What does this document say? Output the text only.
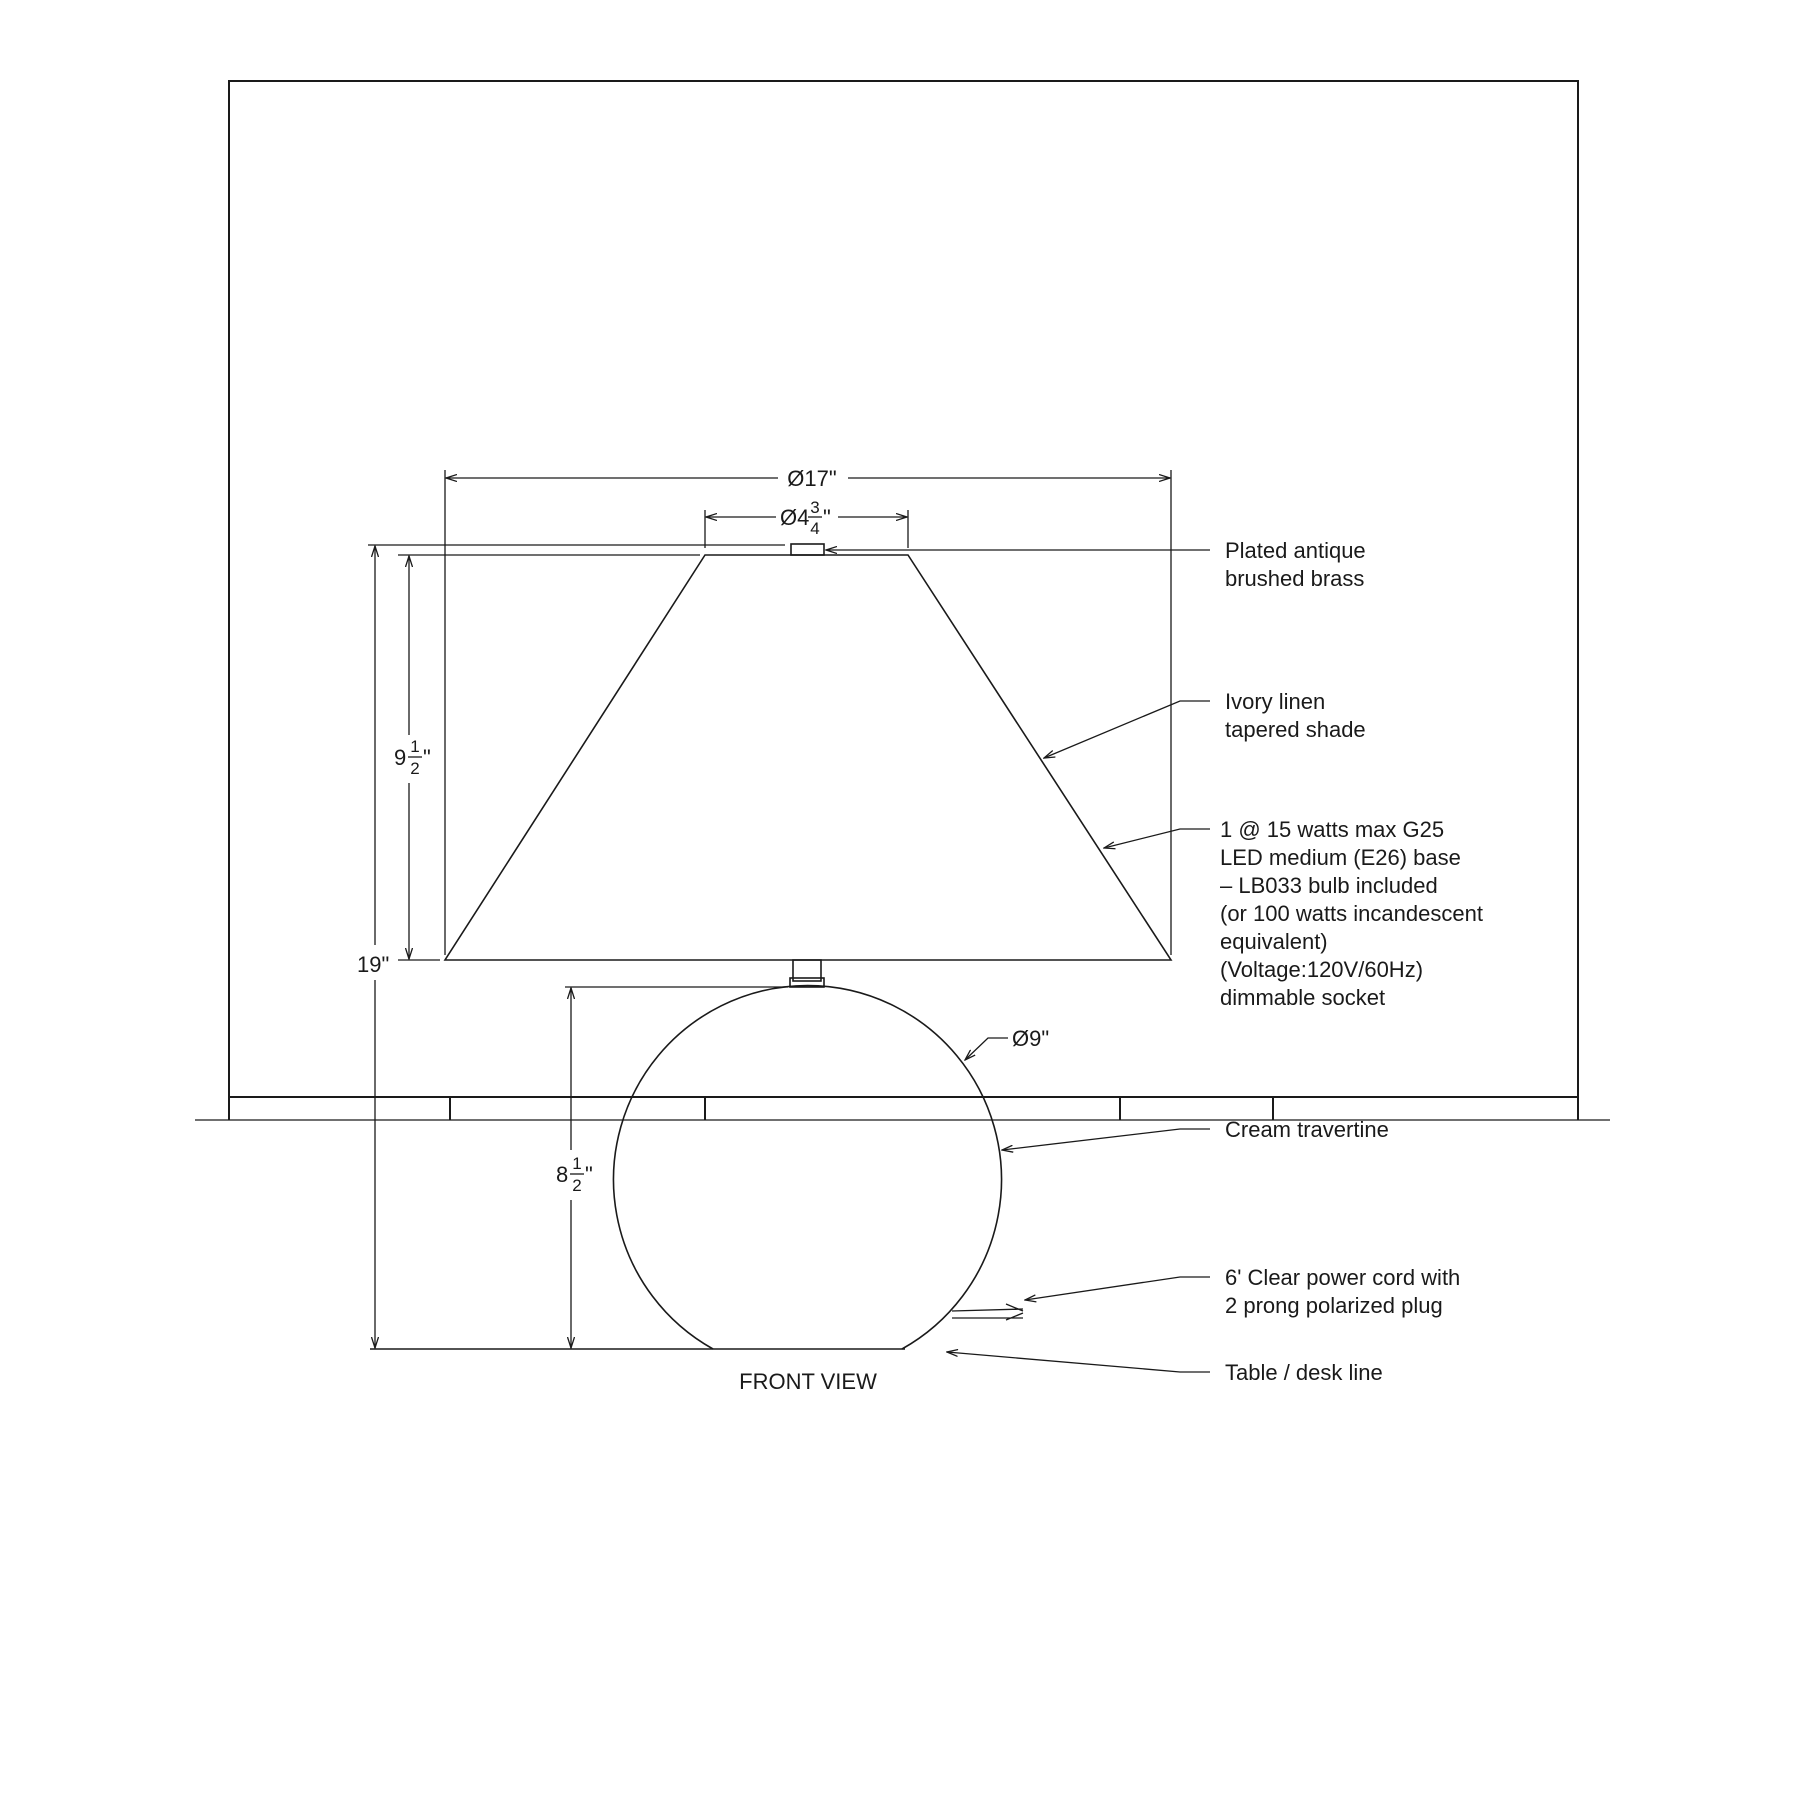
Ø17"
Ø4 3
4 "
9 1
2 "
19"
8 1
2 "
Ø9"
Plated antique brushed brass
Ivory linen tapered shade
1 @ 15 watts max G25 LED medium (E26) base – LB033 bulb included (or 100 watts incandescent equivalent) (Voltage:120V/60Hz) dimmable socket
Cream travertine
6' Clear power cord with 2 prong polarized plug
Table / desk line
FRONT VIEW
